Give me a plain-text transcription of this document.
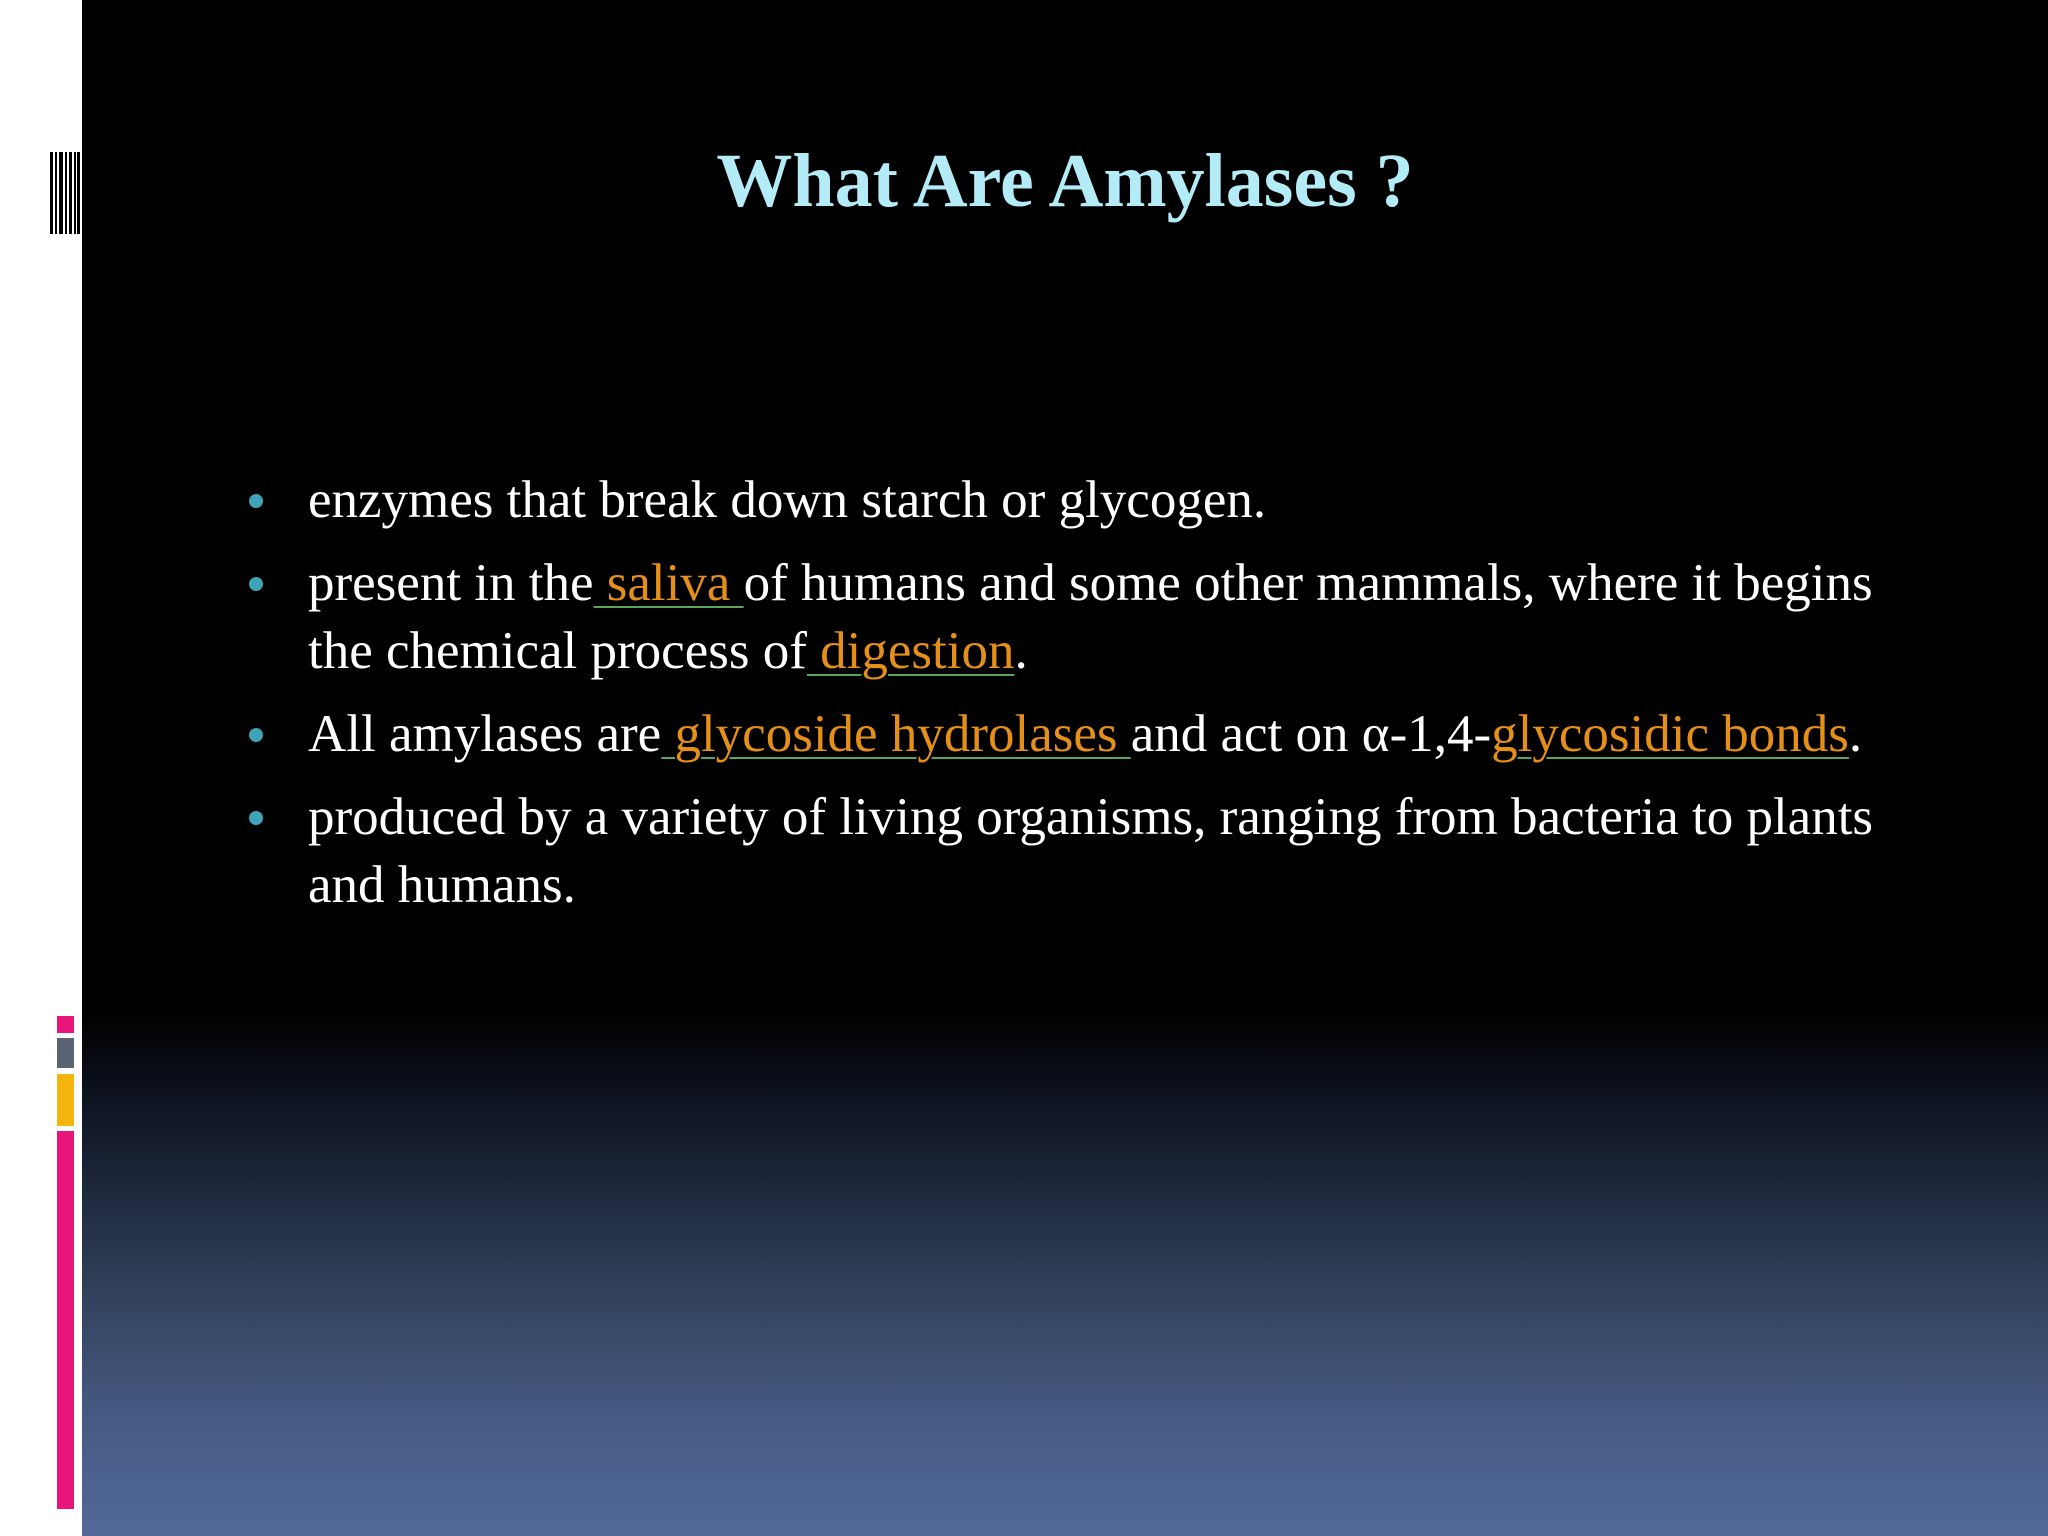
What Are Amylases ?
enzymes that break down starch or glycogen.
present in the saliva of humans and some other mammals, where it begins
the chemical process of digestion.
All amylases are glycoside hydrolases and act on α-1,4-glycosidic bonds.
produced by a variety of living organisms, ranging from bacteria to plants
and humans.
